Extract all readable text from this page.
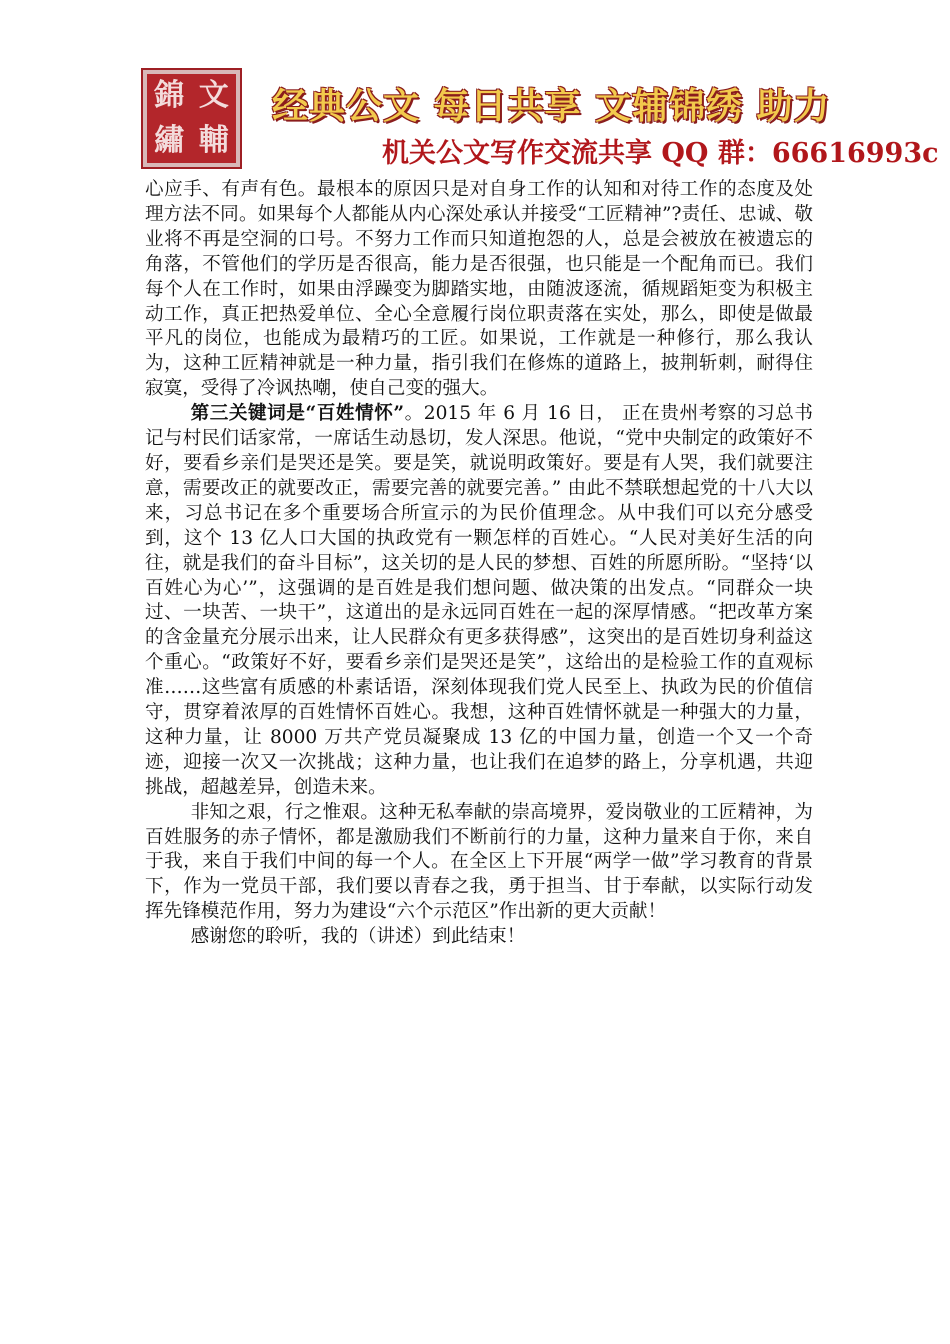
錦 文
繡 輔
经典公文 每日共享 文辅锦绣 助力
机关公文写作交流共享 QQ 群：66616993c

心应手、有声有色。最根本的原因只是对自身工作的认知和对待工作的态度及处理方法不同。如果每个人都能从内心深处承认并接受“工匠精神”?责任、忠诚、敬业将不再是空洞的口号。不努力工作而只知道抱怨的人，总是会被放在被遗忘的角落，不管他们的学历是否很高，能力是否很强，也只能是一个配角而已。我们每个人在工作时，如果由浮躁变为脚踏实地，由随波逐流，循规蹈矩变为积极主动工作，真正把热爱单位、全心全意履行岗位职责落在实处，那么，即使是做最平凡的岗位，也能成为最精巧的工匠。如果说，工作就是一种修行，那么我认为，这种工匠精神就是一种力量，指引我们在修炼的道路上，披荆斩刺，耐得住寂寞，受得了冷讽热嘲，使自己变的强大。

第三关键词是“百姓情怀”。2015 年 6 月 16 日， 正在贵州考察的习总书记与村民们话家常，一席话生动恳切，发人深思。他说，“党中央制定的政策好不好，要看乡亲们是哭还是笑。要是笑，就说明政策好。要是有人哭，我们就要注意，需要改正的就要改正，需要完善的就要完善。” 由此不禁联想起党的十八大以来，习总书记在多个重要场合所宣示的为民价值理念。从中我们可以充分感受到，这个 13 亿人口大国的执政党有一颗怎样的百姓心。“人民对美好生活的向往，就是我们的奋斗目标”，这关切的是人民的梦想、百姓的所愿所盼。“坚持‘以百姓心为心’”，这强调的是百姓是我们想问题、做决策的出发点。“同群众一块过、一块苦、一块干”，这道出的是永远同百姓在一起的深厚情感。“把改革方案的含金量充分展示出来，让人民群众有更多获得感”，这突出的是百姓切身利益这个重心。“政策好不好，要看乡亲们是哭还是笑”，这给出的是检验工作的直观标准……这些富有质感的朴素话语，深刻体现我们党人民至上、执政为民的价值信守，贯穿着浓厚的百姓情怀百姓心。我想，这种百姓情怀就是一种强大的力量，这种力量，让 8000 万共产党员凝聚成 13 亿的中国力量，创造一个又一个奇迹，迎接一次又一次挑战；这种力量，也让我们在追梦的路上，分享机遇，共迎挑战，超越差异，创造未来。

非知之艰，行之惟艰。这种无私奉献的崇高境界，爱岗敬业的工匠精神，为百姓服务的赤子情怀，都是激励我们不断前行的力量，这种力量来自于你，来自于我，来自于我们中间的每一个人。在全区上下开展“两学一做”学习教育的背景下，作为一党员干部，我们要以青春之我，勇于担当、甘于奉献，以实际行动发挥先锋模范作用，努力为建设“六个示范区”作出新的更大贡献！

感谢您的聆听，我的（讲述）到此结束！
